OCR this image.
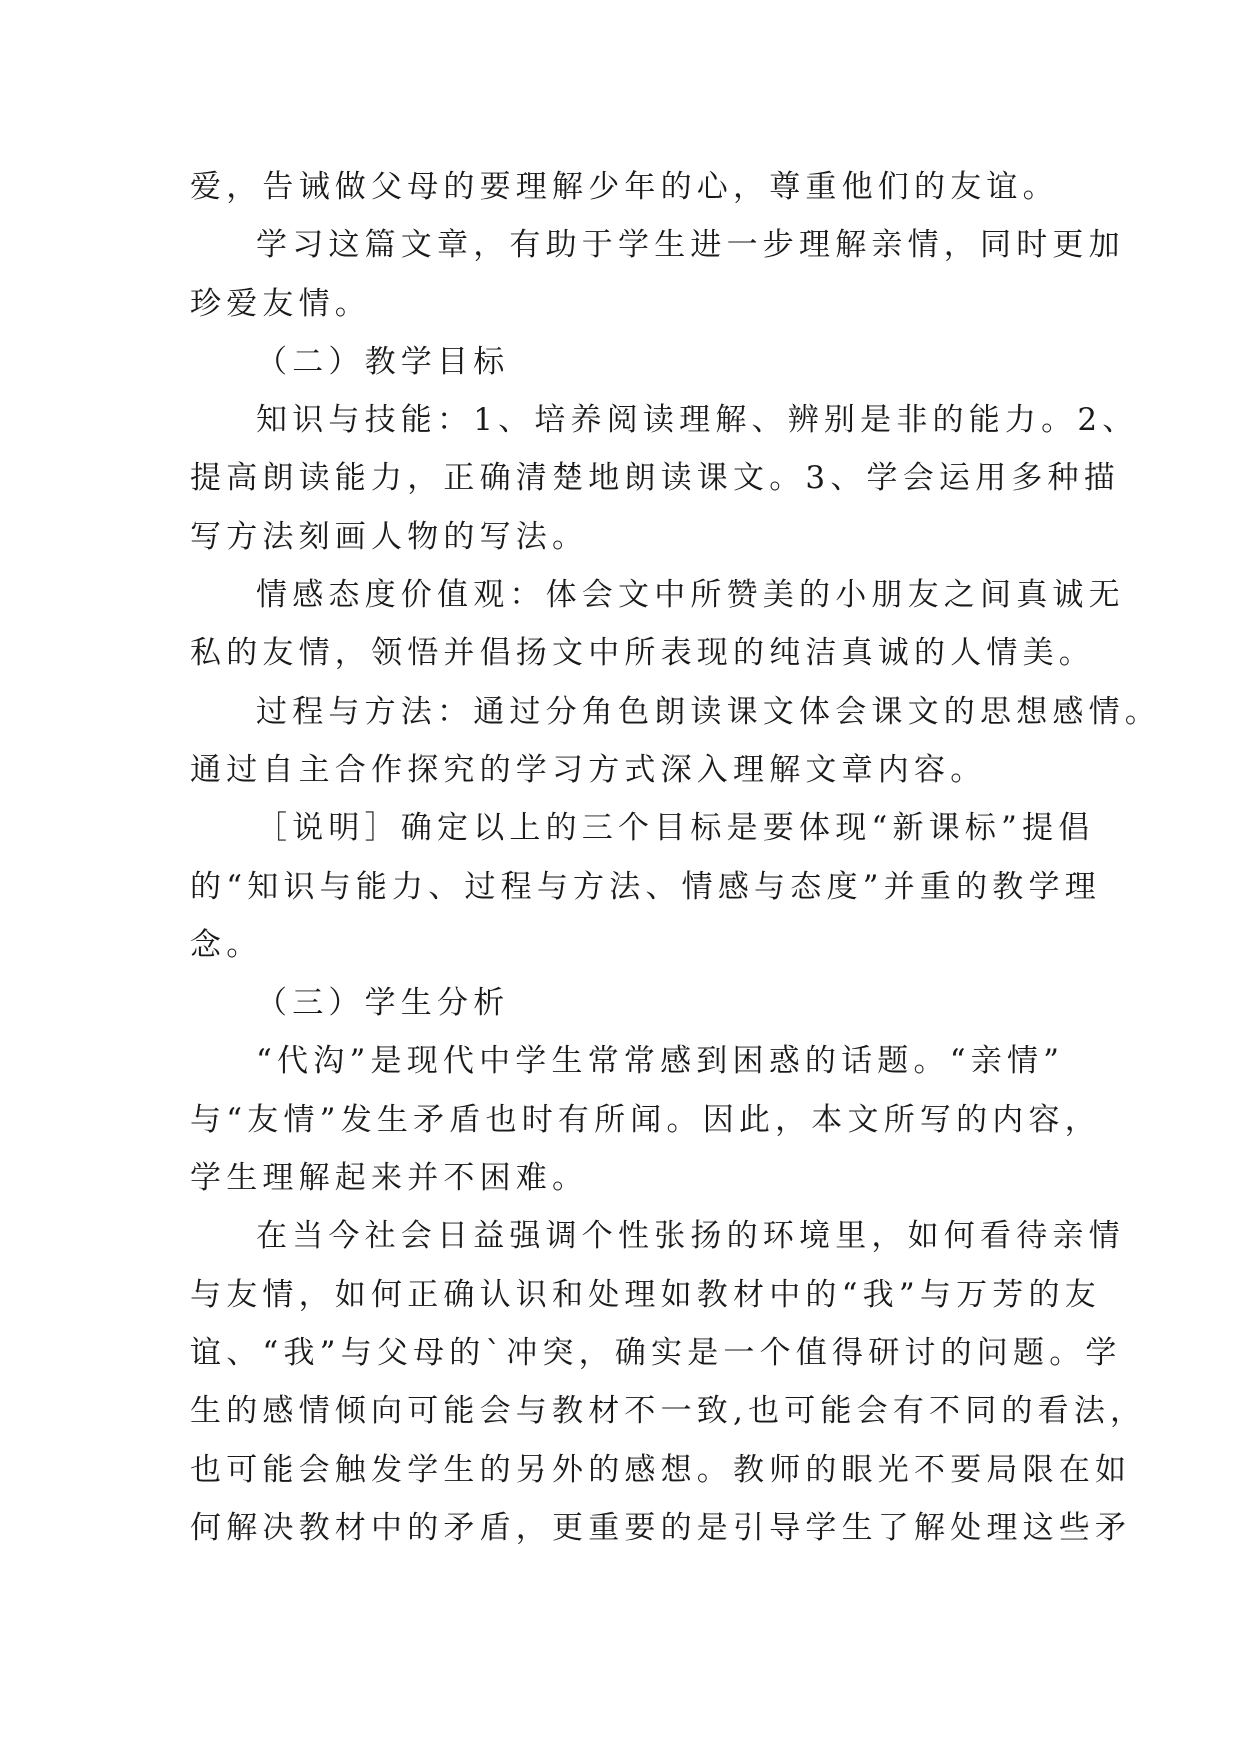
爱，告诫做父母的要理解少年的心，尊重他们的友谊。
学习这篇文章，有助于学生进一步理解亲情，同时更加
珍爱友情。
（二）教学目标
知识与技能：1、培养阅读理解、辨别是非的能力。2、
提高朗读能力，正确清楚地朗读课文。3、学会运用多种描
写方法刻画人物的写法。
情感态度价值观：体会文中所赞美的小朋友之间真诚无
私的友情，领悟并倡扬文中所表现的纯洁真诚的人情美。
过程与方法：通过分角色朗读课文体会课文的思想感情。
通过自主合作探究的学习方式深入理解文章内容。
［说明］确定以上的三个目标是要体现“新课标”提倡
的“知识与能力、过程与方法、情感与态度”并重的教学理
念。
（三）学生分析
“代沟”是现代中学生常常感到困惑的话题。“亲情”
与“友情”发生矛盾也时有所闻。因此，本文所写的内容，
学生理解起来并不困难。
在当今社会日益强调个性张扬的环境里，如何看待亲情
与友情，如何正确认识和处理如教材中的“我”与万芳的友
谊、“我”与父母的`冲突，确实是一个值得研讨的问题。学
生的感情倾向可能会与教材不一致,也可能会有不同的看法，
也可能会触发学生的另外的感想。教师的眼光不要局限在如
何解决教材中的矛盾，更重要的是引导学生了解处理这些矛
